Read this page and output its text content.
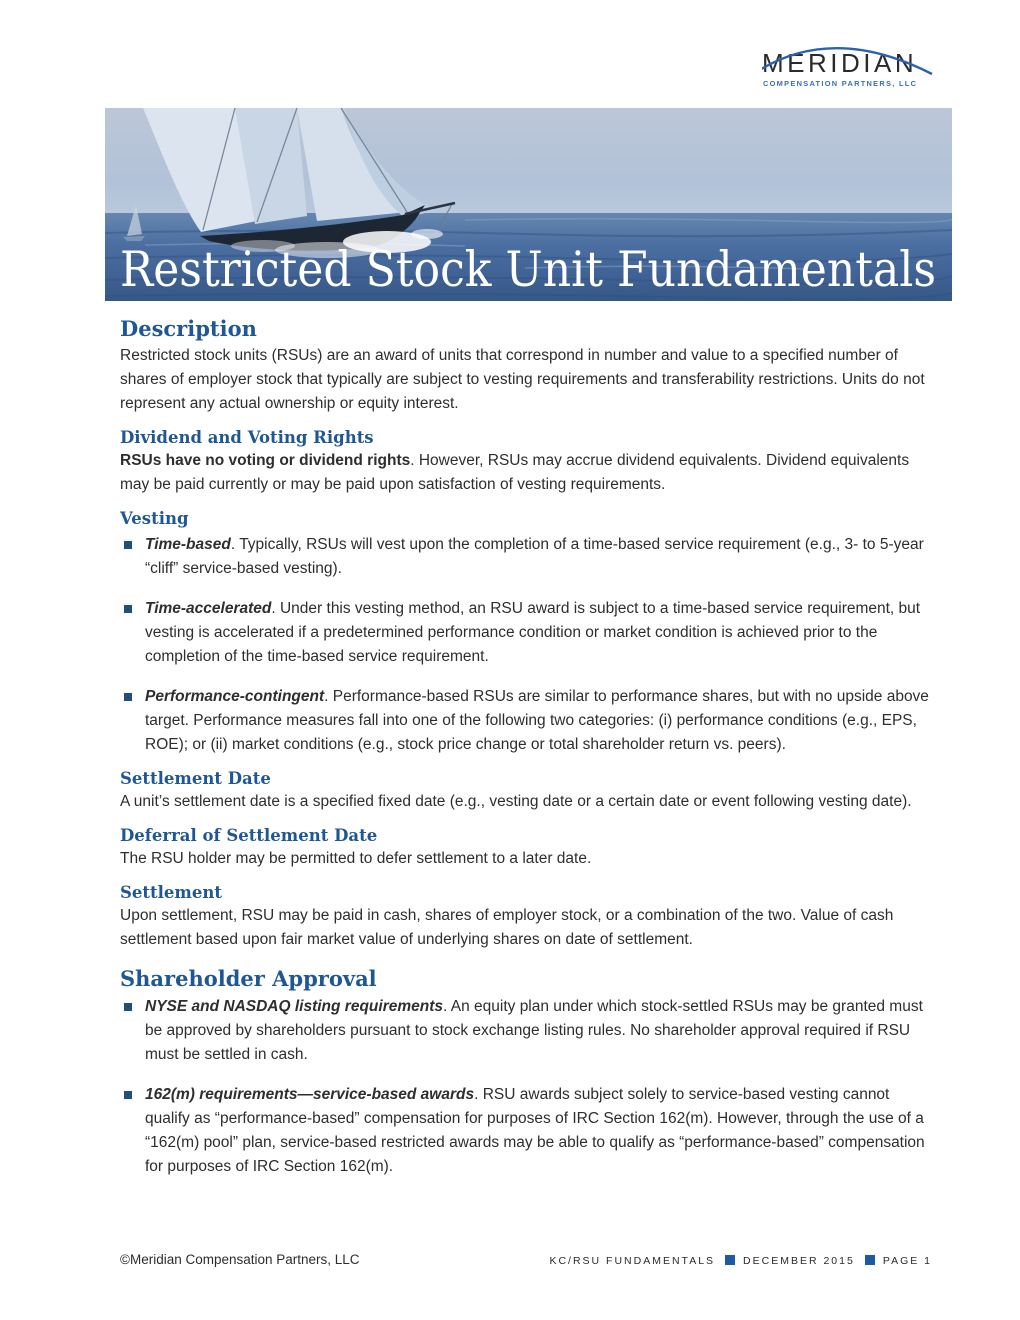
MERIDIAN
COMPENSATION PARTNERS, LLC
Restricted Stock Unit Fundamentals
Description

Restricted stock units (RSUs) are an award of units that correspond in number and value to a specified number of shares of employer stock that typically are subject to vesting requirements and transferability restrictions. Units do not represent any actual ownership or equity interest.

Dividend and Voting Rights

RSUs have no voting or dividend rights. However, RSUs may accrue dividend equivalents. Dividend equivalents may be paid currently or may be paid upon satisfaction of vesting requirements.

Vesting

Time-based. Typically, RSUs will vest upon the completion of a time-based service requirement (e.g., 3- to 5-year “cliff” service-based vesting).

Time-accelerated. Under this vesting method, an RSU award is subject to a time-based service requirement, but vesting is accelerated if a predetermined performance condition or market condition is achieved prior to the completion of the time-based service requirement.

Performance-contingent. Performance-based RSUs are similar to performance shares, but with no upside above target. Performance measures fall into one of the following two categories: (i) performance conditions (e.g., EPS, ROE); or (ii) market conditions (e.g., stock price change or total shareholder return vs. peers).

Settlement Date

A unit’s settlement date is a specified fixed date (e.g., vesting date or a certain date or event following vesting date).

Deferral of Settlement Date

The RSU holder may be permitted to defer settlement to a later date.

Settlement

Upon settlement, RSU may be paid in cash, shares of employer stock, or a combination of the two. Value of cash settlement based upon fair market value of underlying shares on date of settlement.

Shareholder Approval

NYSE and NASDAQ listing requirements. An equity plan under which stock-settled RSUs may be granted must be approved by shareholders pursuant to stock exchange listing rules. No shareholder approval required if RSU must be settled in cash.

162(m) requirements—service-based awards. RSU awards subject solely to service-based vesting cannot qualify as “performance-based” compensation for purposes of IRC Section 162(m). However, through the use of a “162(m) pool” plan, service-based restricted awards may be able to qualify as “performance-based” compensation for purposes of IRC Section 162(m).

©Meridian Compensation Partners, LLC	KC/RSU FUNDAMENTALS	DECEMBER 2015	PAGE 1
